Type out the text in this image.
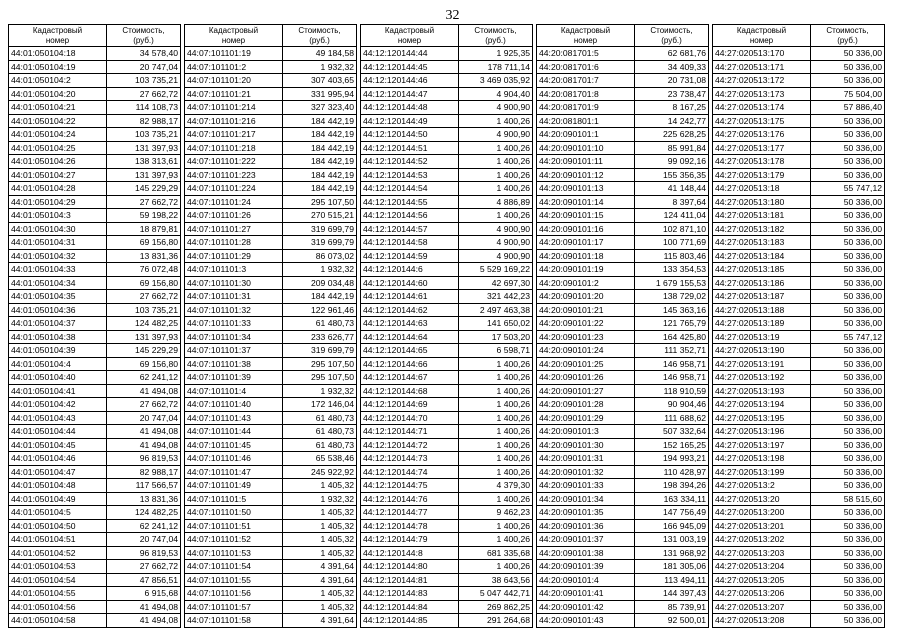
32
Кадастровый
номер	Стоимость,
(руб.)
44:01:050104:18	34 578,40
44:01:050104:19	20 747,04
44:01:050104:2	103 735,21
44:01:050104:20	27 662,72
44:01:050104:21	114 108,73
44:01:050104:22	82 988,17
44:01:050104:24	103 735,21
44:01:050104:25	131 397,93
44:01:050104:26	138 313,61
44:01:050104:27	131 397,93
44:01:050104:28	145 229,29
44:01:050104:29	27 662,72
44:01:050104:3	59 198,22
44:01:050104:30	18 879,81
44:01:050104:31	69 156,80
44:01:050104:32	13 831,36
44:01:050104:33	76 072,48
44:01:050104:34	69 156,80
44:01:050104:35	27 662,72
44:01:050104:36	103 735,21
44:01:050104:37	124 482,25
44:01:050104:38	131 397,93
44:01:050104:39	145 229,29
44:01:050104:4	69 156,80
44:01:050104:40	62 241,12
44:01:050104:41	41 494,08
44:01:050104:42	27 662,72
44:01:050104:43	20 747,04
44:01:050104:44	41 494,08
44:01:050104:45	41 494,08
44:01:050104:46	96 819,53
44:01:050104:47	82 988,17
44:01:050104:48	117 566,57
44:01:050104:49	13 831,36
44:01:050104:5	124 482,25
44:01:050104:50	62 241,12
44:01:050104:51	20 747,04
44:01:050104:52	96 819,53
44:01:050104:53	27 662,72
44:01:050104:54	47 856,51
44:01:050104:55	6 915,68
44:01:050104:56	41 494,08
44:01:050104:58	41 494,08
Кадастровый
номер	Стоимость,
(руб.)
44:07:101101:19	49 184,58
44:07:101101:2	1 932,32
44:07:101101:20	307 403,65
44:07:101101:21	331 995,94
44:07:101101:214	327 323,40
44:07:101101:216	184 442,19
44:07:101101:217	184 442,19
44:07:101101:218	184 442,19
44:07:101101:222	184 442,19
44:07:101101:223	184 442,19
44:07:101101:224	184 442,19
44:07:101101:24	295 107,50
44:07:101101:26	270 515,21
44:07:101101:27	319 699,79
44:07:101101:28	319 699,79
44:07:101101:29	86 073,02
44:07:101101:3	1 932,32
44:07:101101:30	209 034,48
44:07:101101:31	184 442,19
44:07:101101:32	122 961,46
44:07:101101:33	61 480,73
44:07:101101:34	233 626,77
44:07:101101:37	319 699,79
44:07:101101:38	295 107,50
44:07:101101:39	295 107,50
44:07:101101:4	1 932,32
44:07:101101:40	172 146,04
44:07:101101:43	61 480,73
44:07:101101:44	61 480,73
44:07:101101:45	61 480,73
44:07:101101:46	65 538,46
44:07:101101:47	245 922,92
44:07:101101:49	1 405,32
44:07:101101:5	1 932,32
44:07:101101:50	1 405,32
44:07:101101:51	1 405,32
44:07:101101:52	1 405,32
44:07:101101:53	1 405,32
44:07:101101:54	4 391,64
44:07:101101:55	4 391,64
44:07:101101:56	1 405,32
44:07:101101:57	1 405,32
44:07:101101:58	4 391,64
Кадастровый
номер	Стоимость,
(руб.)
44:12:120144:44	1 925,35
44:12:120144:45	178 711,14
44:12:120144:46	3 469 035,92
44:12:120144:47	4 904,40
44:12:120144:48	4 900,90
44:12:120144:49	1 400,26
44:12:120144:50	4 900,90
44:12:120144:51	1 400,26
44:12:120144:52	1 400,26
44:12:120144:53	1 400,26
44:12:120144:54	1 400,26
44:12:120144:55	4 886,89
44:12:120144:56	1 400,26
44:12:120144:57	4 900,90
44:12:120144:58	4 900,90
44:12:120144:59	4 900,90
44:12:120144:6	5 529 169,22
44:12:120144:60	42 697,30
44:12:120144:61	321 442,23
44:12:120144:62	2 497 463,38
44:12:120144:63	141 650,02
44:12:120144:64	17 503,20
44:12:120144:65	6 598,71
44:12:120144:66	1 400,26
44:12:120144:67	1 400,26
44:12:120144:68	1 400,26
44:12:120144:69	1 400,26
44:12:120144:70	1 400,26
44:12:120144:71	1 400,26
44:12:120144:72	1 400,26
44:12:120144:73	1 400,26
44:12:120144:74	1 400,26
44:12:120144:75	4 379,30
44:12:120144:76	1 400,26
44:12:120144:77	9 462,23
44:12:120144:78	1 400,26
44:12:120144:79	1 400,26
44:12:120144:8	681 335,68
44:12:120144:80	1 400,26
44:12:120144:81	38 643,56
44:12:120144:83	5 047 442,71
44:12:120144:84	269 862,25
44:12:120144:85	291 264,68
Кадастровый
номер	Стоимость,
(руб.)
44:20:081701:5	62 681,76
44:20:081701:6	34 409,33
44:20:081701:7	20 731,08
44:20:081701:8	23 738,47
44:20:081701:9	8 167,25
44:20:081801:1	14 242,77
44:20:090101:1	225 628,25
44:20:090101:10	85 991,84
44:20:090101:11	99 092,16
44:20:090101:12	155 356,35
44:20:090101:13	41 148,44
44:20:090101:14	8 397,64
44:20:090101:15	124 411,04
44:20:090101:16	102 871,10
44:20:090101:17	100 771,69
44:20:090101:18	115 803,46
44:20:090101:19	133 354,53
44:20:090101:2	1 679 155,53
44:20:090101:20	138 729,02
44:20:090101:21	145 363,16
44:20:090101:22	121 765,79
44:20:090101:23	164 425,80
44:20:090101:24	111 352,71
44:20:090101:25	146 958,71
44:20:090101:26	146 958,71
44:20:090101:27	118 910,59
44:20:090101:28	90 904,46
44:20:090101:29	111 688,62
44:20:090101:3	507 332,64
44:20:090101:30	152 165,25
44:20:090101:31	194 993,21
44:20:090101:32	110 428,97
44:20:090101:33	198 394,26
44:20:090101:34	163 334,11
44:20:090101:35	147 756,49
44:20:090101:36	166 945,09
44:20:090101:37	131 003,19
44:20:090101:38	131 968,92
44:20:090101:39	181 305,06
44:20:090101:4	113 494,11
44:20:090101:41	144 397,43
44:20:090101:42	85 739,91
44:20:090101:43	92 500,01
Кадастровый
номер	Стоимость,
(руб.)
44:27:020513:170	50 336,00
44:27:020513:171	50 336,00
44:27:020513:172	50 336,00
44:27:020513:173	75 504,00
44:27:020513:174	57 886,40
44:27:020513:175	50 336,00
44:27:020513:176	50 336,00
44:27:020513:177	50 336,00
44:27:020513:178	50 336,00
44:27:020513:179	50 336,00
44:27:020513:18	55 747,12
44:27:020513:180	50 336,00
44:27:020513:181	50 336,00
44:27:020513:182	50 336,00
44:27:020513:183	50 336,00
44:27:020513:184	50 336,00
44:27:020513:185	50 336,00
44:27:020513:186	50 336,00
44:27:020513:187	50 336,00
44:27:020513:188	50 336,00
44:27:020513:189	50 336,00
44:27:020513:19	55 747,12
44:27:020513:190	50 336,00
44:27:020513:191	50 336,00
44:27:020513:192	50 336,00
44:27:020513:193	50 336,00
44:27:020513:194	50 336,00
44:27:020513:195	50 336,00
44:27:020513:196	50 336,00
44:27:020513:197	50 336,00
44:27:020513:198	50 336,00
44:27:020513:199	50 336,00
44:27:020513:2	50 336,00
44:27:020513:20	58 515,60
44:27:020513:200	50 336,00
44:27:020513:201	50 336,00
44:27:020513:202	50 336,00
44:27:020513:203	50 336,00
44:27:020513:204	50 336,00
44:27:020513:205	50 336,00
44:27:020513:206	50 336,00
44:27:020513:207	50 336,00
44:27:020513:208	50 336,00
